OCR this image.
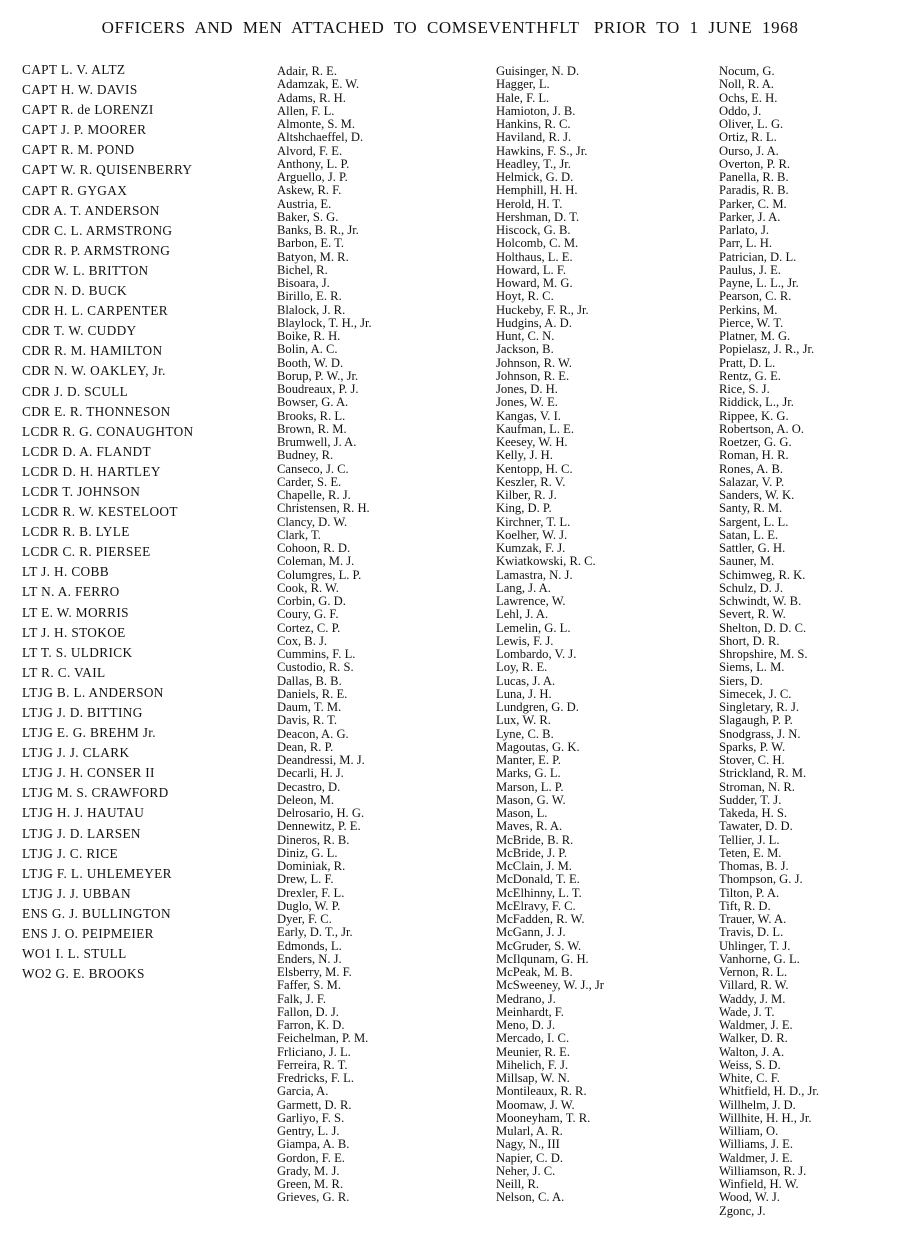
OFFICERS  AND  MEN  ATTACHED  TO  COMSEVENTHFLT   PRIOR  TO  1  JUNE  1968
CAPT L. V. ALTZ
CAPT H. W. DAVIS
CAPT R. de LORENZI
CAPT J. P. MOORER
CAPT R. M. POND
CAPT W. R. QUISENBERRY
CAPT R. GYGAX
CDR A. T. ANDERSON
CDR C. L. ARMSTRONG
CDR R. P. ARMSTRONG
CDR W. L. BRITTON
CDR N. D. BUCK
CDR H. L. CARPENTER
CDR T. W. CUDDY
CDR R. M. HAMILTON
CDR N. W. OAKLEY, Jr.
CDR J. D. SCULL
CDR E. R. THONNESON
LCDR R. G. CONAUGHTON
LCDR D. A. FLANDT
LCDR D. H. HARTLEY
LCDR T. JOHNSON
LCDR R. W. KESTELOOT
LCDR R. B. LYLE
LCDR C. R. PIERSEE
LT J. H. COBB
LT N. A. FERRO
LT E. W. MORRIS
LT J. H. STOKOE
LT T. S. ULDRICK
LT R. C. VAIL
LTJG B. L. ANDERSON
LTJG J. D. BITTING
LTJG E. G. BREHM Jr.
LTJG J. J. CLARK
LTJG J. H. CONSER II
LTJG M. S. CRAWFORD
LTJG H. J. HAUTAU
LTJG J. D. LARSEN
LTJG J. C. RICE
LTJG F. L. UHLEMEYER
LTJG J. J. UBBAN
ENS G. J. BULLINGTON
ENS J. O. PEIPMEIER
WO1 I. L. STULL
WO2 G. E. BROOKS
Adair, R. E.
Adamzak, E. W.
Adams, R. H.
Allen, F. L.
Almonte, S. M.
Altshchaeffel, D.
Alvord, F. E.
Anthony, L. P.
Arguello, J. P.
Askew, R. F.
Austria, E.
Baker, S. G.
Banks, B. R., Jr.
Barbon, E. T.
Batyon, M. R.
Bichel, R.
Bisoara, J.
Birillo, E. R.
Blalock, J. R.
Blaylock, T. H., Jr.
Boike, R. H.
Bolin, A. C.
Booth, W. D.
Borup, P. W., Jr.
Boudreaux, P. J.
Bowser, G. A.
Brooks, R. L.
Brown, R. M.
Brumwell, J. A.
Budney, R.
Canseco, J. C.
Carder, S. E.
Chapelle, R. J.
Christensen, R. H.
Clancy, D. W.
Clark, T.
Cohoon, R. D.
Coleman, M. J.
Columgres, L. P.
Cook, R. W.
Corbin, G. D.
Coury, G. F.
Cortez, C. P.
Cox, B. J.
Cummins, F. L.
Custodio, R. S.
Dallas, B. B.
Daniels, R. E.
Daum, T. M.
Davis, R. T.
Deacon, A. G.
Dean, R. P.
Deandressi, M. J.
Decarli, H. J.
Decastro, D.
Deleon, M.
Delrosario, H. G.
Dennewitz, P. E.
Dineros, R. B.
Diniz, G. L.
Dominiak, R.
Drew, L. F.
Drexler, F. L.
Duglo, W. P.
Dyer, F. C.
Early, D. T., Jr.
Edmonds, L.
Enders, N. J.
Elsberry, M. F.
Faffer, S. M.
Falk, J. F.
Fallon, D. J.
Farron, K. D.
Feichelman, P. M.
Frliciano, J. L.
Ferreira, R. T.
Fredricks, F. L.
Garcia, A.
Garmett, D. R.
Garliyo, F. S.
Gentry, L. J.
Giampa, A. B.
Gordon, F. E.
Grady, M. J.
Green, M. R.
Grieves, G. R.
Guisinger, N. D.
Hagger, L.
Hale, F. L.
Hamioton, J. B.
Hankins, R. C.
Haviland, R. J.
Hawkins, F. S., Jr.
Headley, T., Jr.
Helmick, G. D.
Hemphill, H. H.
Herold, H. T.
Hershman, D. T.
Hiscock, G. B.
Holcomb, C. M.
Holthaus, L. E.
Howard, L. F.
Howard, M. G.
Hoyt, R. C.
Huckeby, F. R., Jr.
Hudgins, A. D.
Hunt, C. N.
Jackson, B.
Johnson, R. W.
Johnson, R. E.
Jones, D. H.
Jones, W. E.
Kangas, V. I.
Kaufman, L. E.
Keesey, W. H.
Kelly, J. H.
Kentopp, H. C.
Keszler, R. V.
Kilber, R. J.
King, D. P.
Kirchner, T. L.
Koelher, W. J.
Kumzak, F. J.
Kwiatkowski, R. C.
Lamastra, N. J.
Lang, J. A.
Lawrence, W.
Lehl, J. A.
Lemelin, G. L.
Lewis, F. J.
Lombardo, V. J.
Loy, R. E.
Lucas, J. A.
Luna, J. H.
Lundgren, G. D.
Lux, W. R.
Lyne, C. B.
Magoutas, G. K.
Manter, E. P.
Marks, G. L.
Marson, L. P.
Mason, G. W.
Mason, L.
Maves, R. A.
McBride, B. R.
McBride, J. P.
McClain, J. M.
McDonald, T. E.
McElhinny, L. T.
McElravy, F. C.
McFadden, R. W.
McGann, J. J.
McGruder, S. W.
McIlqunam, G. H.
McPeak, M. B.
McSweeney, W. J., Jr
Medrano, J.
Meinhardt, F.
Meno, D. J.
Mercado, I. C.
Meunier, R. E.
Mihelich, F. J.
Millsap, W. N.
Montileaux, R. R.
Moomaw, J. W.
Mooneyham, T. R.
Mularl, A. R.
Nagy, N., III
Napier, C. D.
Neher, J. C.
Neill, R.
Nelson, C. A.
Nocum, G.
Noll, R. A.
Ochs, E. H.
Oddo, J.
Oliver, L. G.
Ortiz, R. L.
Ourso, J. A.
Overton, P. R.
Panella, R. B.
Paradis, R. B.
Parker, C. M.
Parker, J. A.
Parlato, J.
Parr, L. H.
Patrician, D. L.
Paulus, J. E.
Payne, L. L., Jr.
Pearson, C. R.
Perkins, M.
Pierce, W. T.
Platner, M. G.
Popielasz, J. R., Jr.
Pratt, D. L.
Rentz, G. E.
Rice, S. J.
Riddick, L., Jr.
Rippee, K. G.
Robertson, A. O.
Roetzer, G. G.
Roman, H. R.
Rones, A. B.
Salazar, V. P.
Sanders, W. K.
Santy, R. M.
Sargent, L. L.
Satan, L. E.
Sattler, G. H.
Sauner, M.
Schimweg, R. K.
Schulz, D. J.
Schwindt, W. B.
Severt, R. W.
Shelton, D. D. C.
Short, D. R.
Shropshire, M. S.
Siems, L. M.
Siers, D.
Simecek, J. C.
Singletary, R. J.
Slagaugh, P. P.
Snodgrass, J. N.
Sparks, P. W.
Stover, C. H.
Strickland, R. M.
Stroman, N. R.
Sudder, T. J.
Takeda, H. S.
Tawater, D. D.
Tellier, J. L.
Teten, E. M.
Thomas, B. J.
Thompson, G. J.
Tilton, P. A.
Tift, R. D.
Trauer, W. A.
Travis, D. L.
Uhlinger, T. J.
Vanhorne, G. L.
Vernon, R. L.
Villard, R. W.
Waddy, J. M.
Wade, J. T.
Waldmer, J. E.
Walker, D. R.
Walton, J. A.
Weiss, S. D.
White, C. F.
Whitfield, H. D., Jr.
Willhelm, J. D.
Willhite, H. H., Jr.
William, O.
Williams, J. E.
Waldmer, J. E.
Williamson, R. J.
Winfield, H. W.
Wood, W. J.
Zgonc, J.
